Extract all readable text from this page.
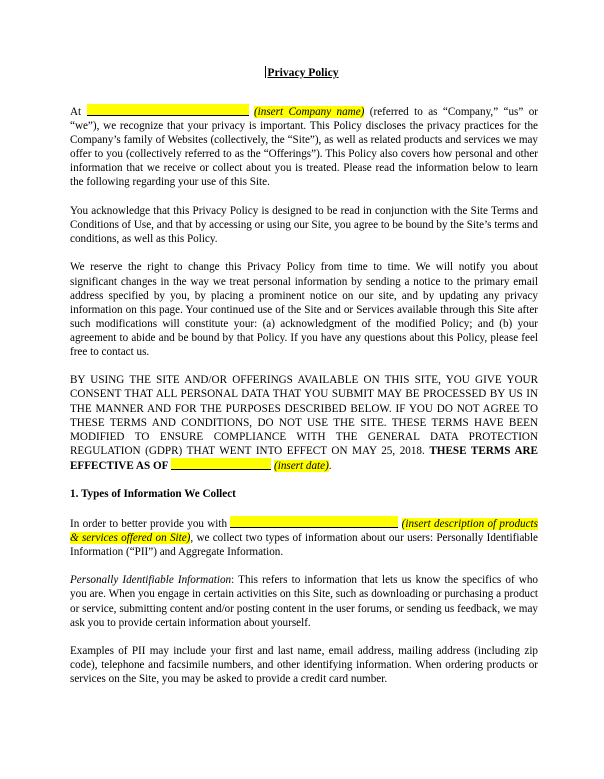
Privacy Policy

At	(insert Company name) (referred to as “Company,” “us” or “we”), we recognize that your privacy is important. This Policy discloses the privacy practices for the Company’s family of Websites (collectively, the “Site”), as well as related products and services we may offer to you (collectively referred to as the “Offerings”). This Policy also covers how personal and other information that we receive or collect about you is treated. Please read the information below to learn the following regarding your use of this Site.

You acknowledge that this Privacy Policy is designed to be read in conjunction with the Site Terms and Conditions of Use, and that by accessing or using our Site, you agree to be bound by the Site’s terms and conditions, as well as this Policy.

We reserve the right to change this Privacy Policy from time to time. We will notify you about significant changes in the way we treat personal information by sending a notice to the primary email address specified by you, by placing a prominent notice on our site, and by updating any privacy information on this page. Your continued use of the Site and or Services available through this Site after such modifications will constitute your: (a) acknowledgment of the modified Policy; and (b) your agreement to abide and be bound by that Policy. If you have any questions about this Policy, please feel free to contact us.

BY USING THE SITE AND/OR OFFERINGS AVAILABLE ON THIS SITE, YOU GIVE YOUR CONSENT THAT ALL PERSONAL DATA THAT YOU SUBMIT MAY BE PROCESSED BY US IN THE MANNER AND FOR THE PURPOSES DESCRIBED BELOW. IF YOU DO NOT AGREE TO THESE TERMS AND CONDITIONS, DO NOT USE THE SITE. THESE TERMS HAVE BEEN MODIFIED TO ENSURE COMPLIANCE WITH THE GENERAL DATA PROTECTION REGULATION (GDPR) THAT WENT INTO EFFECT ON MAY 25, 2018. THESE TERMS ARE EFFECTIVE AS OF	(insert date).

1. Types of Information We Collect

In order to better provide you with	(insert description of products & services offered on Site), we collect two types of information about our users: Personally Identifiable Information (“PII”) and Aggregate Information.

Personally Identifiable Information: This refers to information that lets us know the specifics of who you are. When you engage in certain activities on this Site, such as downloading or purchasing a product or service, submitting content and/or posting content in the user forums, or sending us feedback, we may ask you to provide certain information about yourself.

Examples of PII may include your first and last name, email address, mailing address (including zip code), telephone and facsimile numbers, and other identifying information. When ordering products or services on the Site, you may be asked to provide a credit card number.
